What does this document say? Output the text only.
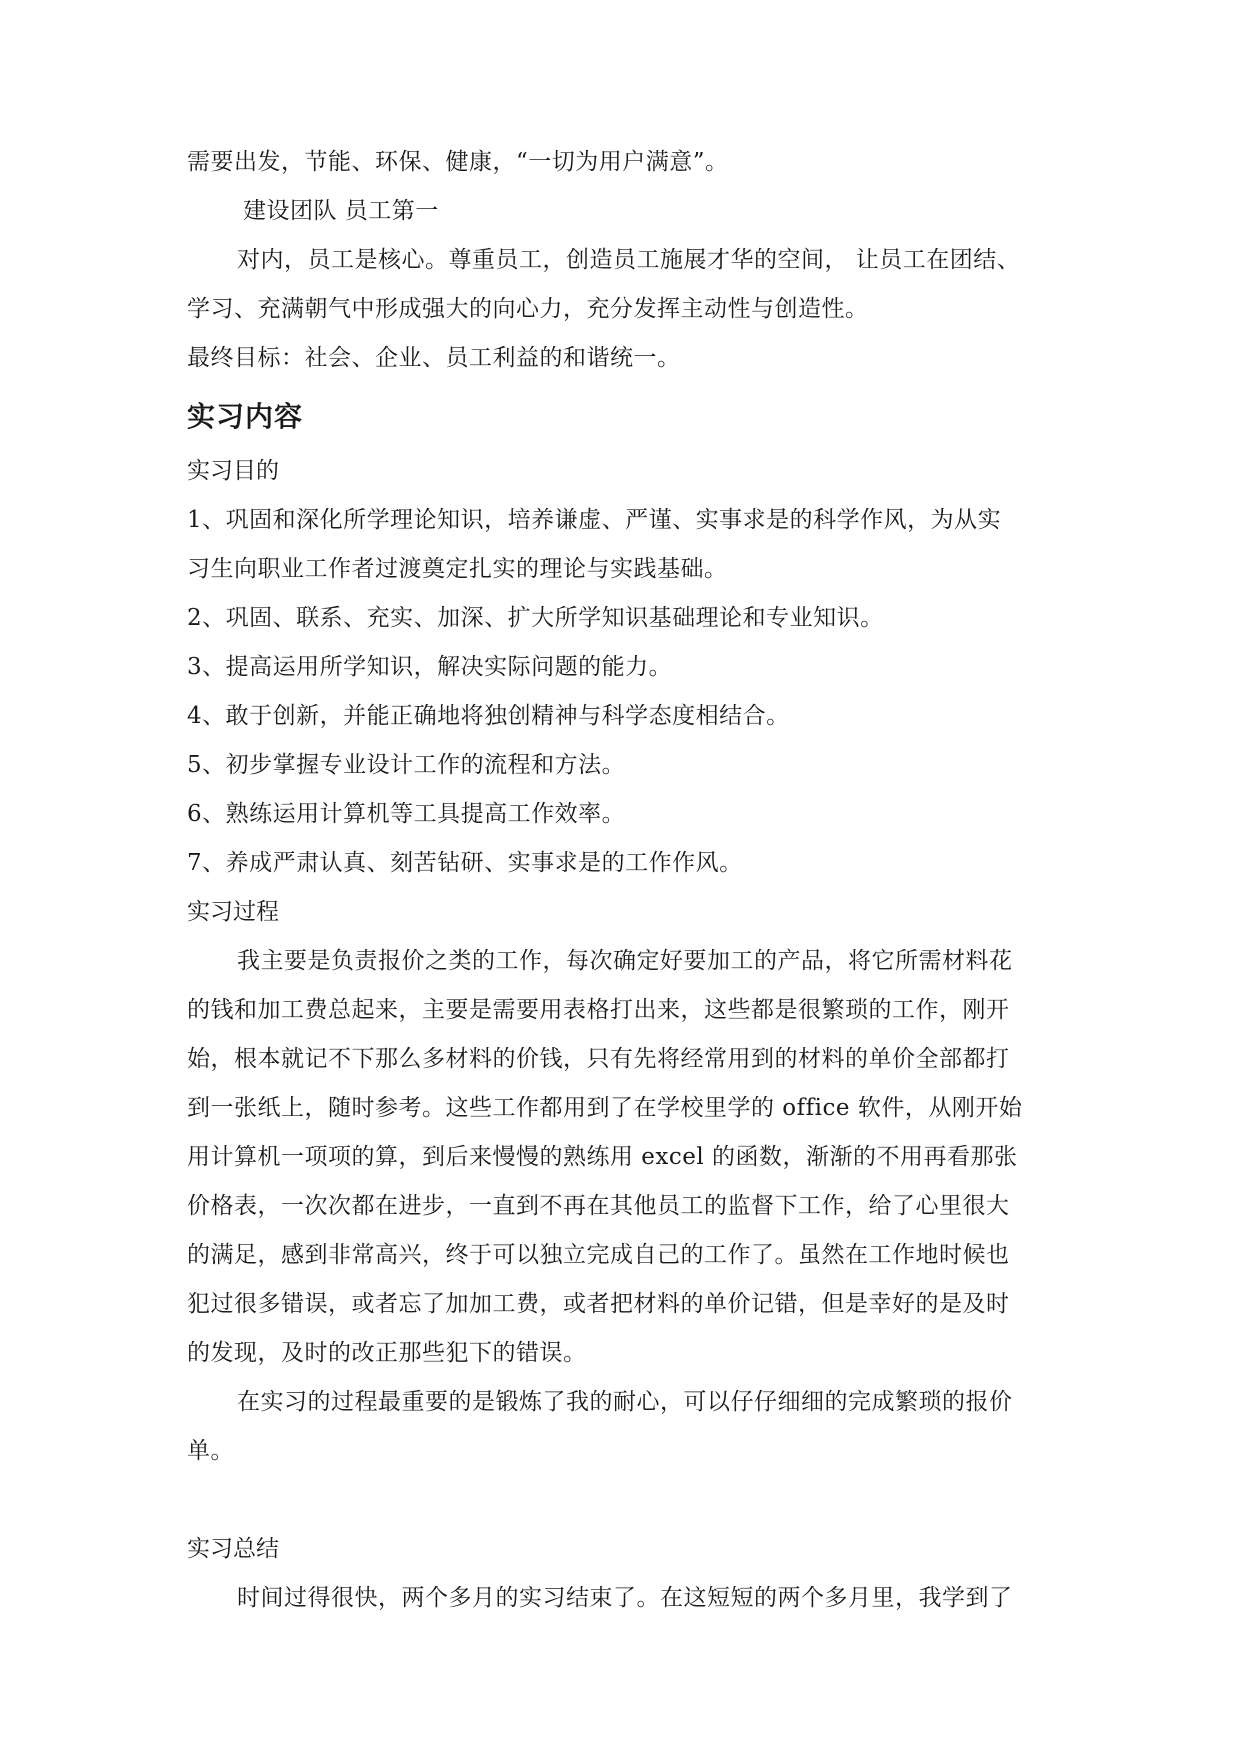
需要出发，节能、环保、健康，“一切为用户满意”。
建设团队 员工第一
对内，员工是核心。尊重员工，创造员工施展才华的空间， 让员工在团结、
学习、充满朝气中形成强大的向心力，充分发挥主动性与创造性。
最终目标：社会、企业、员工利益的和谐统一。
实习内容
实习目的
1、巩固和深化所学理论知识，培养谦虚、严谨、实事求是的科学作风，为从实
习生向职业工作者过渡奠定扎实的理论与实践基础。
2、巩固、联系、充实、加深、扩大所学知识基础理论和专业知识。
3、提高运用所学知识，解决实际问题的能力。
4、敢于创新，并能正确地将独创精神与科学态度相结合。
5、初步掌握专业设计工作的流程和方法。
6、熟练运用计算机等工具提高工作效率。
7、养成严肃认真、刻苦钻研、实事求是的工作作风。
实习过程
我主要是负责报价之类的工作，每次确定好要加工的产品，将它所需材料花
的钱和加工费总起来，主要是需要用表格打出来，这些都是很繁琐的工作，刚开
始，根本就记不下那么多材料的价钱，只有先将经常用到的材料的单价全部都打
到一张纸上，随时参考。这些工作都用到了在学校里学的 office 软件，从刚开始
用计算机一项项的算，到后来慢慢的熟练用 excel 的函数，渐渐的不用再看那张
价格表，一次次都在进步，一直到不再在其他员工的监督下工作，给了心里很大
的满足，感到非常高兴，终于可以独立完成自己的工作了。虽然在工作地时候也
犯过很多错误，或者忘了加加工费，或者把材料的单价记错，但是幸好的是及时
的发现，及时的改正那些犯下的错误。
在实习的过程最重要的是锻炼了我的耐心，可以仔仔细细的完成繁琐的报价
单。
实习总结
时间过得很快，两个多月的实习结束了。在这短短的两个多月里，我学到了
